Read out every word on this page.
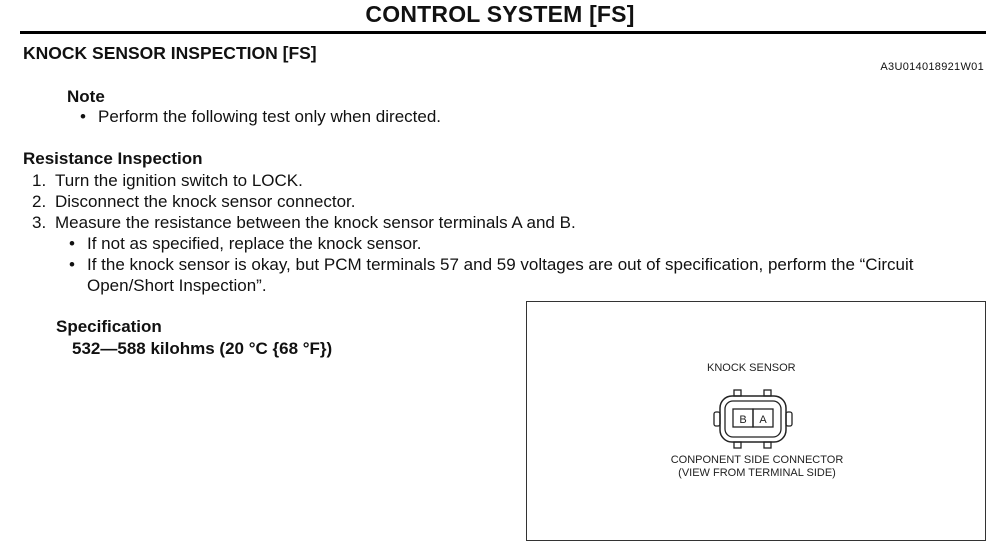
CONTROL SYSTEM [FS]
KNOCK SENSOR INSPECTION [FS]
A3U014018921W01
Note
• Perform the following test only when directed.
Resistance Inspection
1. Turn the ignition switch to LOCK.
2. Disconnect the knock sensor connector.
3. Measure the resistance between the knock sensor terminals A and B.
• If not as specified, replace the knock sensor.
• If the knock sensor is okay, but PCM terminals 57 and 59 voltages are out of specification, perform the “Circuit Open/Short Inspection”.
Specification
532—588 kilohms (20 °C {68 °F})
KNOCK SENSOR
B A
CONPONENT SIDE CONNECTOR
(VIEW FROM TERMINAL SIDE)
